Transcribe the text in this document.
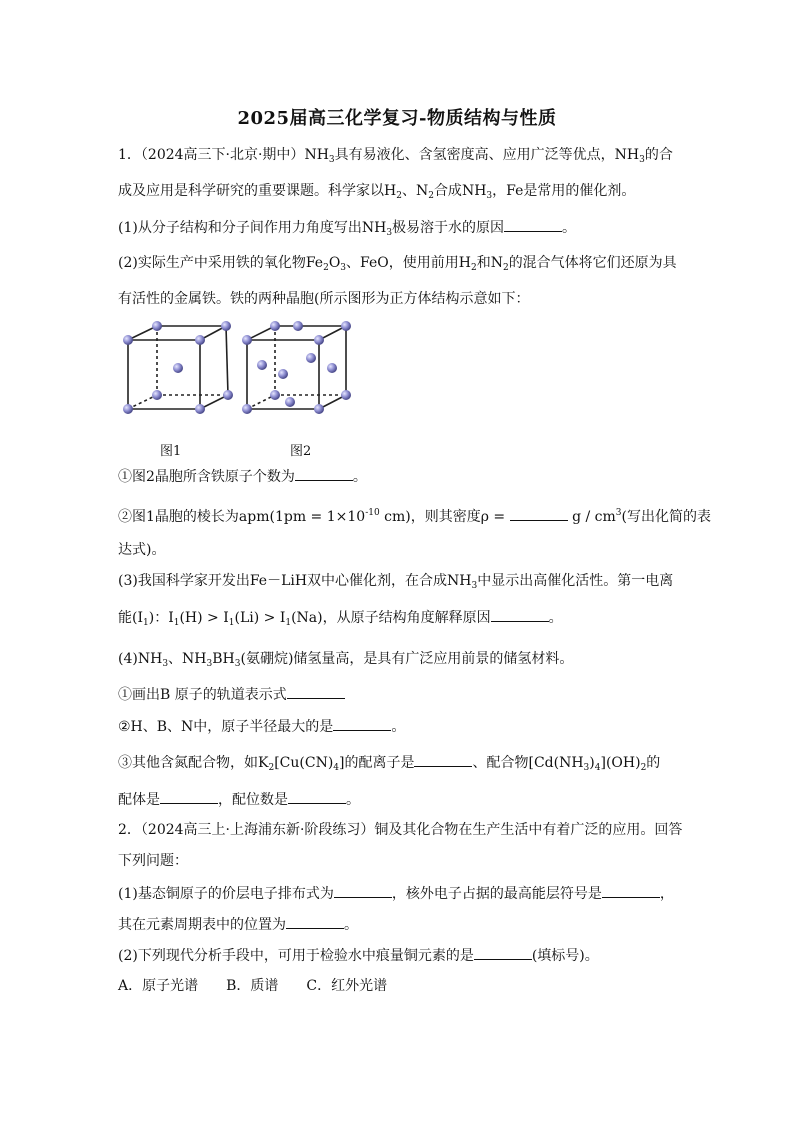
2025届高三化学复习-物质结构与性质
1．（2024高三下·北京·期中）$NH_3$具有易液化、含氢密度高、应用广泛等优点，$NH_3$的合
成及应用是科学研究的重要课题。科学家以$H_2$、$N_2$合成$NH_3$，Fe是常用的催化剂。
(1)从分子结构和分子间作用力角度写出$NH_3$极易溶于水的原因	。
(2)实际生产中采用铁的氧化物$Fe_2O_3$、FeO，使用前用$H_2$和$N_2$的混合气体将它们还原为具
有活性的金属铁。铁的两种晶胞(所示图形为正方体结构示意如下：
图1	图2
①图2晶胞所含铁原子个数为	。
②图1晶胞的棱长为$apm(1pm = 1\times 10^{-10}$ cm)，则其密度ρ =	g / $cm^3$(写出化简的表
达式)。
(3)我国科学家开发出Fe－LiH双中心催化剂，在合成$NH_3$中显示出高催化活性。第一电离
能$(I_1)$：$I_1(H) > I_1(Li) > I_1(Na)$，从原子结构角度解释原因	。
$(4)NH_3$、$NH_3BH_3$(氨硼烷)储氢量高，是具有广泛应用前景的储氢材料。
①画出B 原子的轨道表示式
②H、B、N中，原子半径最大的是	。
③其他含氮配合物，如$K_2[Cu(CN)_4]$的配离子是	、配合物$[Cd(NH_3)_4](OH)_2$的
配体是	，配位数是	。
2．（2024高三上·上海浦东新·阶段练习）铜及其化合物在生产生活中有着广泛的应用。回答
下列问题：
(1)基态铜原子的价层电子排布式为	，核外电子占据的最高能层符号是	，
其在元素周期表中的位置为	。
(2)下列现代分析手段中，可用于检验水中痕量铜元素的是	(填标号)。
A．原子光谱　　B．质谱　　C．红外光谱
